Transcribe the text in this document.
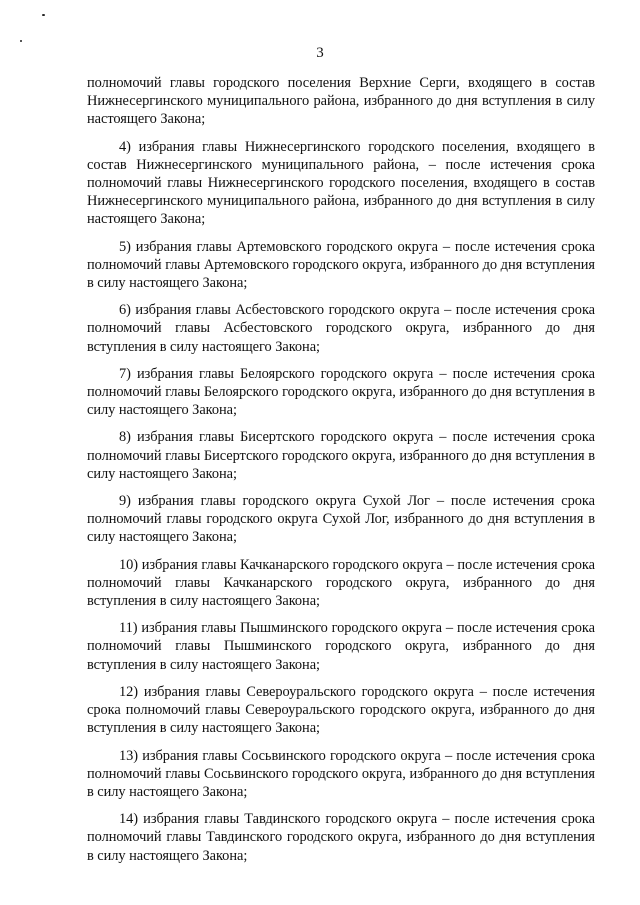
3

полномочий главы городского поселения Верхние Серги, входящего в состав Нижнесергинского муниципального района, избранного до дня вступления в силу настоящего Закона;

4) избрания главы Нижнесергинского городского поселения, входящего в состав Нижнесергинского муниципального района, – после истечения срока полномочий главы Нижнесергинского городского поселения, входящего в состав Нижнесергинского муниципального района, избранного до дня вступления в силу настоящего Закона;

5) избрания главы Артемовского городского округа – после истечения срока полномочий главы Артемовского городского округа, избранного до дня вступления в силу настоящего Закона;

6) избрания главы Асбестовского городского округа – после истечения срока полномочий главы Асбестовского городского округа, избранного до дня вступления в силу настоящего Закона;

7) избрания главы Белоярского городского округа – после истечения срока полномочий главы Белоярского городского округа, избранного до дня вступления в силу настоящего Закона;

8) избрания главы Бисертского городского округа – после истечения срока полномочий главы Бисертского городского округа, избранного до дня вступления в силу настоящего Закона;

9) избрания главы городского округа Сухой Лог – после истечения срока полномочий главы городского округа Сухой Лог, избранного до дня вступления в силу настоящего Закона;

10) избрания главы Качканарского городского округа – после истечения срока полномочий главы Качканарского городского округа, избранного до дня вступления в силу настоящего Закона;

11) избрания главы Пышминского городского округа – после истечения срока полномочий главы Пышминского городского округа, избранного до дня вступления в силу настоящего Закона;

12) избрания главы Североуральского городского округа – после истечения срока полномочий главы Североуральского городского округа, избранного до дня вступления в силу настоящего Закона;

13) избрания главы Сосьвинского городского округа – после истечения срока полномочий главы Сосьвинского городского округа, избранного до дня вступления в силу настоящего Закона;

14) избрания главы Тавдинского городского округа – после истечения срока полномочий главы Тавдинского городского округа, избранного до дня вступления в силу настоящего Закона;
